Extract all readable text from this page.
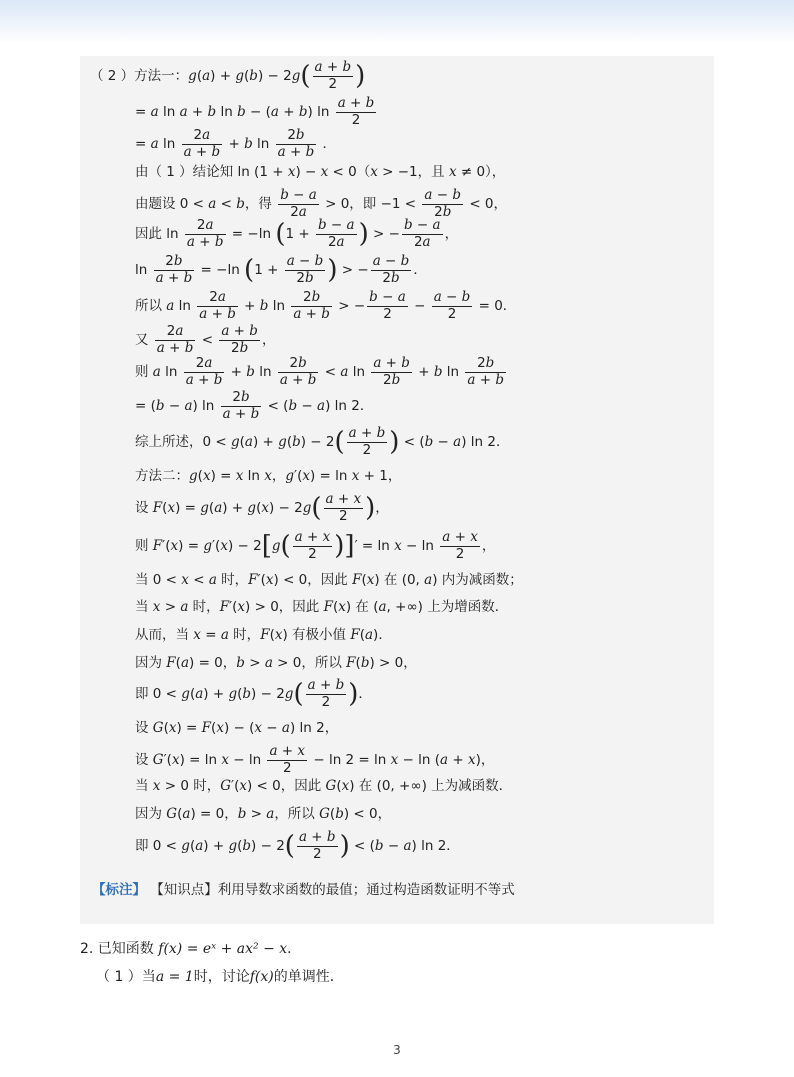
（ 2 ）方法一：$g(a) + g(b) - 2g( \frac{a + b}{2}$ )
= a ln a + b ln b − (a + b) $\ln \frac{a + b}{2}$
= a $\ln \frac{2a}{a + b} + b$ $\ln \frac{2b}{a + b}$ ．
由（ 1 ）结论知 ln (1 + x) − x < 0（x > −1，且 x ≠ 0），
由题设 0 < a < b，得 $\frac{b - a}{2a} > 0$，即 $-1 < \frac{a - b}{2b} < 0$，
因此 $\ln \frac{2a}{a + b} = -\ln$ ($1 + \frac{b - a}{2a}$ ) > − $\frac{b - a}{2a}$ ，
$\ln \frac{2b}{a + b} = -\ln$ ($1 + \frac{a - b}{2b}$ ) > − $\frac{a - b}{2b}$ ．
所以 a $\ln \frac{2a}{a + b} + b$ $\ln \frac{2b}{a + b}$ > − $\frac{b - a}{2} - \frac{a - b}{2} = 0$．
又 $\frac{2a}{a + b} < \frac{a + b}{2b}$ ，
则 a $\ln \frac{2a}{a + b} + b$ $\ln \frac{2b}{a + b} < a$ $\ln \frac{a + b}{2b} + b$ $\ln \frac{2b}{a + b}$
= (b − a) $\ln \frac{2b}{a + b} < (b - a)$ ln 2．
综上所述，$0 < g(a) + g(b) - 2( \frac{a + b}{2}$ ) < (b − a) ln 2．
方法二：g(x) = x ln x，g′(x) = ln x + 1，
设 $F(x) = g(a) + g(x) - 2g( \frac{a + x}{2}$ )，
则 $F'(x) = g'(x) - 2[g( \frac{a + x}{2}$ )]′ = $\ln x - \ln \frac{a + x}{2}$ ，
当 0 < x < a 时，F′(x) < 0，因此 F(x) 在 (0, a) 内为减函数；
当 x > a 时，F′(x) > 0，因此 F(x) 在 (a, +∞) 上为增函数．
从而，当 x = a 时，F(x) 有极小值 F(a)．
因为 F(a) = 0，b > a > 0，所以 F(b) > 0，
即 $0 < g(a) + g(b) - 2g( \frac{a + b}{2}$ )．
设 G(x) = F(x) − (x − a) ln 2，
设 $G'(x) = \ln x - \ln \frac{a + x}{2} - \ln 2 = \ln x - \ln (a + x)$，
当 x > 0 时，G′(x) < 0，因此 G(x) 在 (0, +∞) 上为减函数．
因为 G(a) = 0，b > a，所以 G(b) < 0，
即 $0 < g(a) + g(b) - 2( \frac{a + b}{2}$ ) < (b − a) ln 2．
【标注】 【知识点】利用导数求函数的最值；通过构造函数证明不等式
2. 已知函数 f(x) = eˣ + ax² − x．
（ 1 ）当a = 1时，讨论f(x)的单调性．
3
